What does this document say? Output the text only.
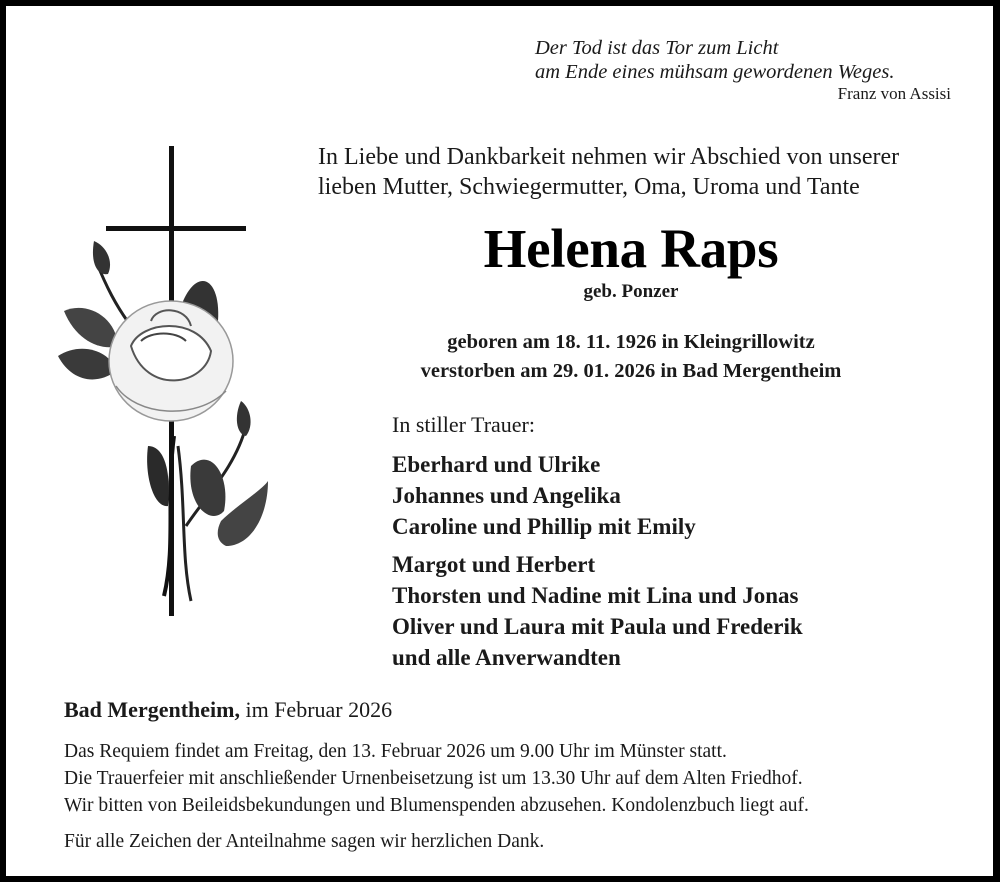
Der Tod ist das Tor zum Licht
am Ende eines mühsam gewordenen Weges.
Franz von Assisi
In Liebe und Dankbarkeit nehmen wir Abschied von unserer
lieben Mutter, Schwiegermutter, Oma, Uroma und Tante
Helena Raps
geb. Ponzer
geboren am 18. 11. 1926 in Kleingrillowitz
verstorben am 29. 01. 2026 in Bad Mergentheim
In stiller Trauer:
Eberhard und Ulrike
Johannes und Angelika
Caroline und Phillip mit Emily
Margot und Herbert
Thorsten und Nadine mit Lina und Jonas
Oliver und Laura mit Paula und Frederik
und alle Anverwandten
Bad Mergentheim, im Februar 2026
Das Requiem findet am Freitag, den 13. Februar 2026 um 9.00 Uhr im Münster statt.
Die Trauerfeier mit anschließender Urnenbeisetzung ist um 13.30 Uhr auf dem Alten Friedhof.
Wir bitten von Beileidsbekundungen und Blumenspenden abzusehen. Kondolenzbuch liegt auf.
Für alle Zeichen der Anteilnahme sagen wir herzlichen Dank.
